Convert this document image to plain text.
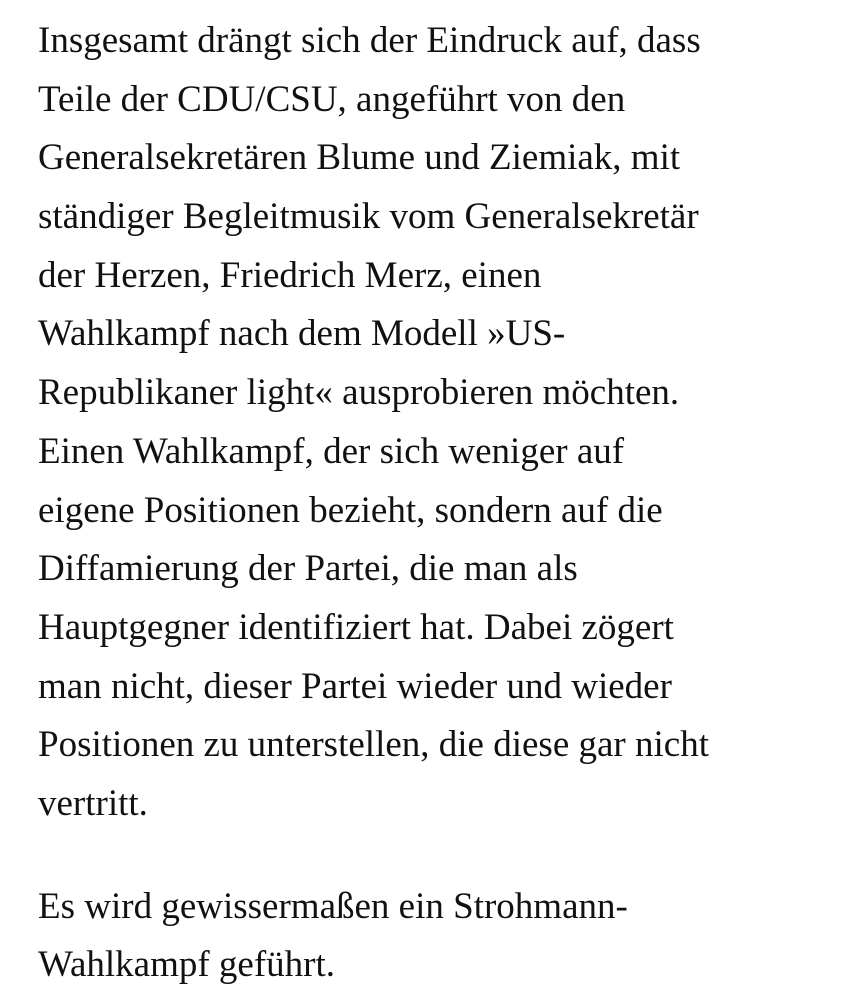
Insgesamt drängt sich der Eindruck auf, dass
Teile der CDU/CSU, angeführt von den
Generalsekretären Blume und Ziemiak, mit
ständiger Begleitmusik vom Generalsekretär
der Herzen, Friedrich Merz, einen
Wahlkampf nach dem Modell »US-
Republikaner light« ausprobieren möchten.
Einen Wahlkampf, der sich weniger auf
eigene Positionen bezieht, sondern auf die
Diffamierung der Partei, die man als
Hauptgegner identifiziert hat. Dabei zögert
man nicht, dieser Partei wieder und wieder
Positionen zu unterstellen, die diese gar nicht
vertritt.

Es wird gewissermaßen ein Strohmann-
Wahlkampf geführt.
